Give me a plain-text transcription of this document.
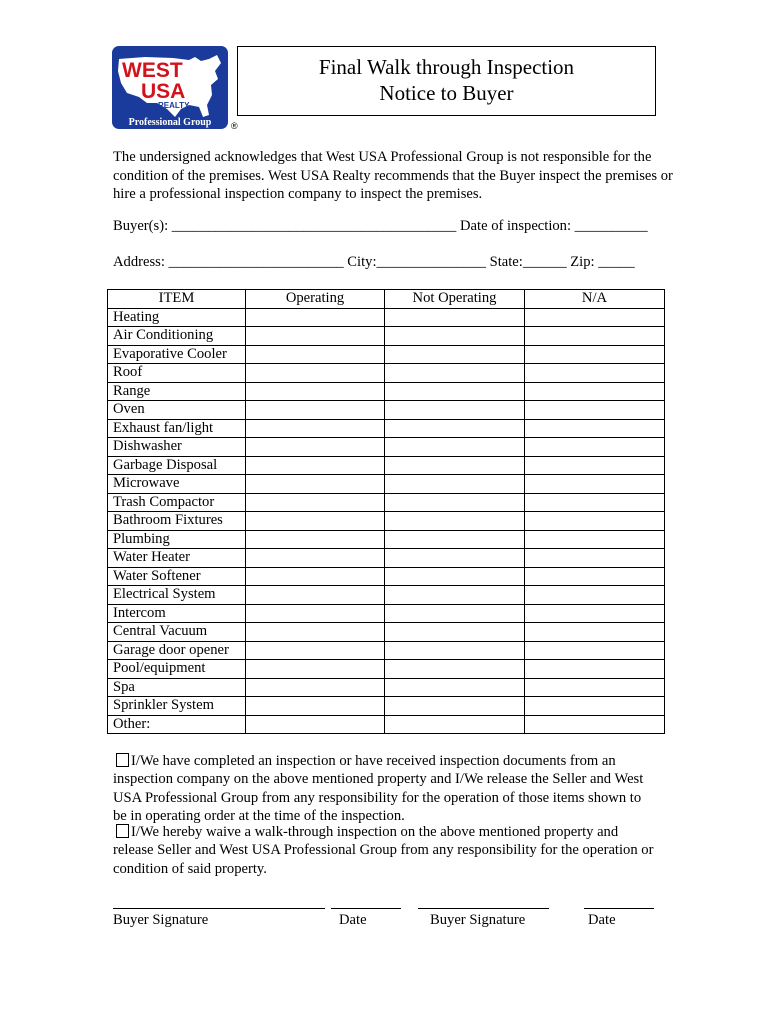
WEST
USA
REALTY
Professional Group ®
Final Walk through Inspection
Notice to Buyer
The undersigned acknowledges that West USA Professional Group is not responsible for the condition of the premises. West USA Realty recommends that the Buyer inspect the premises or hire a professional inspection company to inspect the premises.
Buyer(s): _______________________________________ Date of inspection: __________
Address: ________________________ City:_______________ State:______ Zip: _____
ITEM	Operating	Not Operating	N/A
Heating			
Air Conditioning			
Evaporative Cooler			
Roof			
Range			
Oven			
Exhaust fan/light			
Dishwasher			
Garbage Disposal			
Microwave			
Trash Compactor			
Bathroom Fixtures			
Plumbing			
Water Heater			
Water Softener			
Electrical System			
Intercom			
Central Vacuum			
Garage door opener			
Pool/equipment			
Spa			
Sprinkler System			
Other:			
I/We have completed an inspection or have received inspection documents from an inspection company on the above mentioned property and I/We release the Seller and West USA Professional Group from any responsibility for the operation of those items shown to be in operating order at the time of the inspection.
I/We hereby waive a walk-through inspection on the above mentioned property and release Seller and West USA Professional Group from any responsibility for the operation or condition of said property.
Buyer Signature	Date	Buyer Signature	Date
